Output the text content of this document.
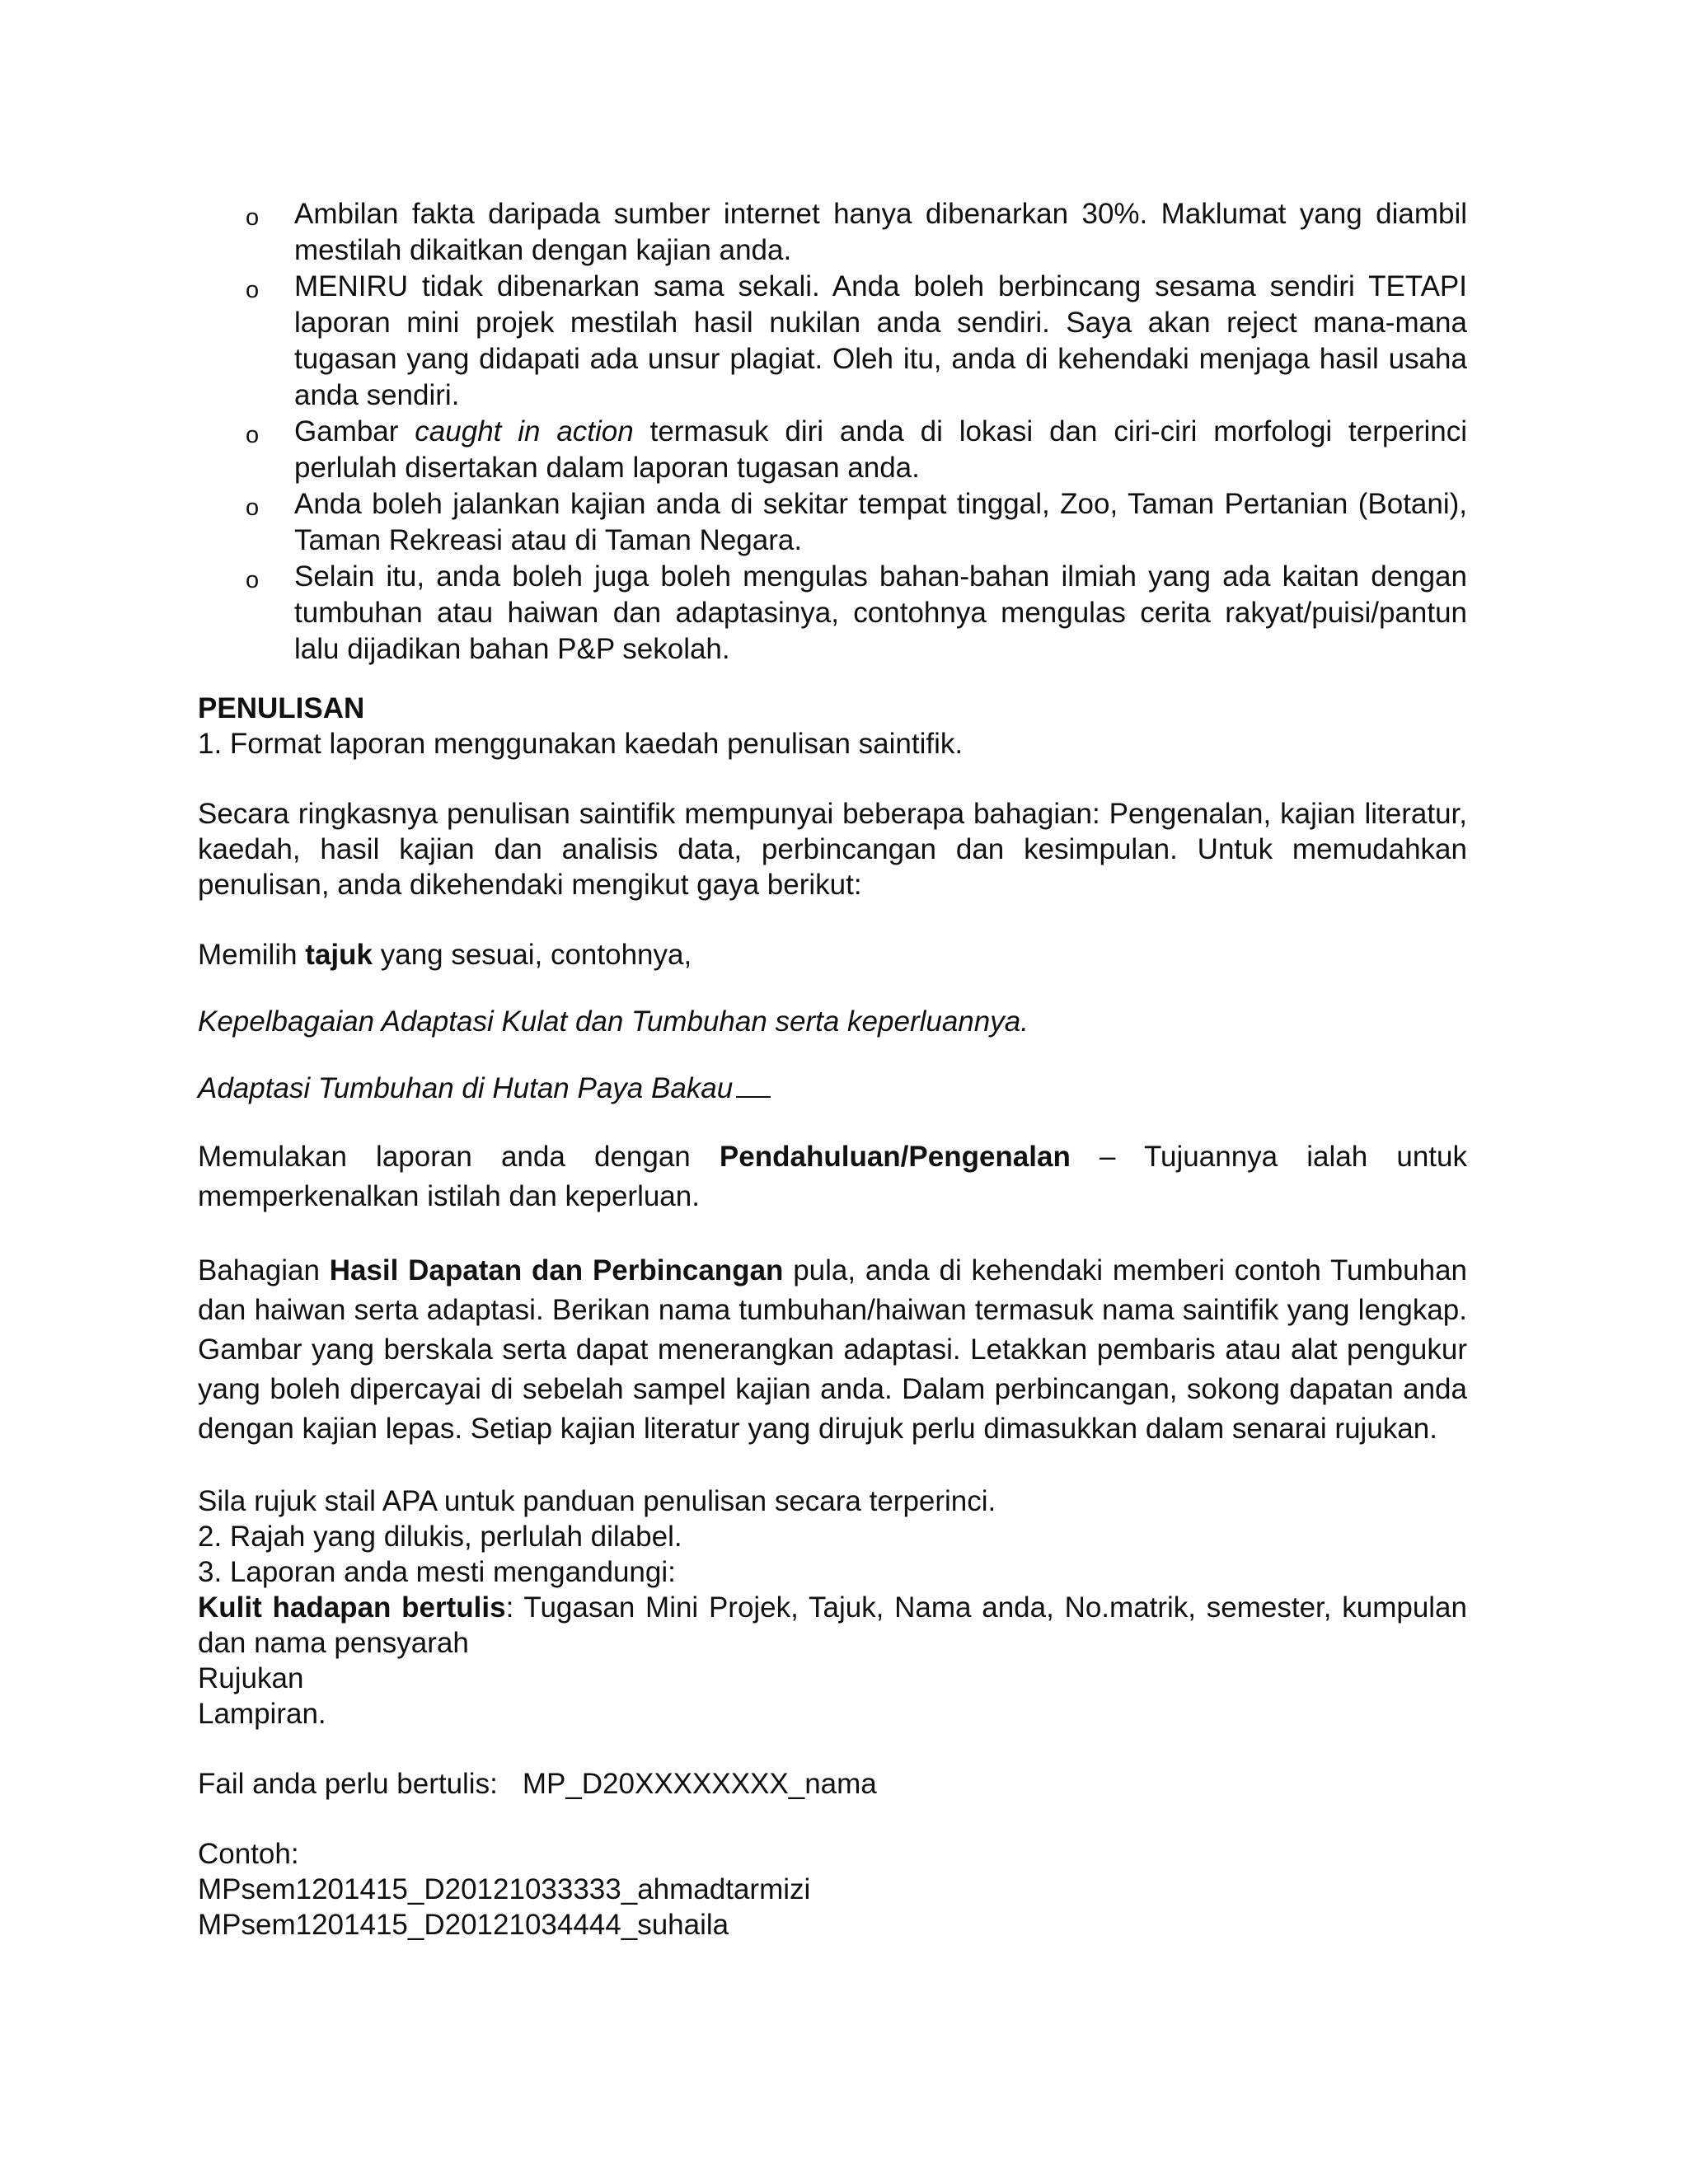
o Ambilan fakta daripada sumber internet hanya dibenarkan 30%. Maklumat yang diambil mestilah dikaitkan dengan kajian anda.
o MENIRU tidak dibenarkan sama sekali. Anda boleh berbincang sesama sendiri TETAPI laporan mini projek mestilah hasil nukilan anda sendiri. Saya akan reject mana-mana tugasan yang didapati ada unsur plagiat. Oleh itu, anda di kehendaki menjaga hasil usaha anda sendiri.
o Gambar caught in action termasuk diri anda di lokasi dan ciri-ciri morfologi terperinci perlulah disertakan dalam laporan tugasan anda.
o Anda boleh jalankan kajian anda di sekitar tempat tinggal, Zoo, Taman Pertanian (Botani), Taman Rekreasi atau di Taman Negara.
o Selain itu, anda boleh juga boleh mengulas bahan-bahan ilmiah yang ada kaitan dengan tumbuhan atau haiwan dan adaptasinya, contohnya mengulas cerita rakyat/puisi/pantun lalu dijadikan bahan P&P sekolah.

PENULISAN

1. Format laporan menggunakan kaedah penulisan saintifik.

Secara ringkasnya penulisan saintifik mempunyai beberapa bahagian: Pengenalan, kajian literatur, kaedah, hasil kajian dan analisis data, perbincangan dan kesimpulan. Untuk memudahkan penulisan, anda dikehendaki mengikut gaya berikut:

Memilih tajuk yang sesuai, contohnya,

Kepelbagaian Adaptasi Kulat dan Tumbuhan serta keperluannya.

Adaptasi Tumbuhan di Hutan Paya Bakau

Memulakan laporan anda dengan Pendahuluan/Pengenalan – Tujuannya ialah untuk memperkenalkan istilah dan keperluan.

Bahagian Hasil Dapatan dan Perbincangan pula, anda di kehendaki memberi contoh Tumbuhan dan haiwan serta adaptasi. Berikan nama tumbuhan/haiwan termasuk nama saintifik yang lengkap. Gambar yang berskala serta dapat menerangkan adaptasi. Letakkan pembaris atau alat pengukur yang boleh dipercayai di sebelah sampel kajian anda. Dalam perbincangan, sokong dapatan anda dengan kajian lepas. Setiap kajian literatur yang dirujuk perlu dimasukkan dalam senarai rujukan.

Sila rujuk stail APA untuk panduan penulisan secara terperinci.

2. Rajah yang dilukis, perlulah dilabel.

3. Laporan anda mesti mengandungi:

Kulit hadapan bertulis: Tugasan Mini Projek, Tajuk, Nama anda, No.matrik, semester, kumpulan dan nama pensyarah

Rujukan

Lampiran.

Fail anda perlu bertulis: MP_D20XXXXXXXX_nama

Contoh:

MPsem1201415_D20121033333_ahmadtarmizi

MPsem1201415_D20121034444_suhaila
